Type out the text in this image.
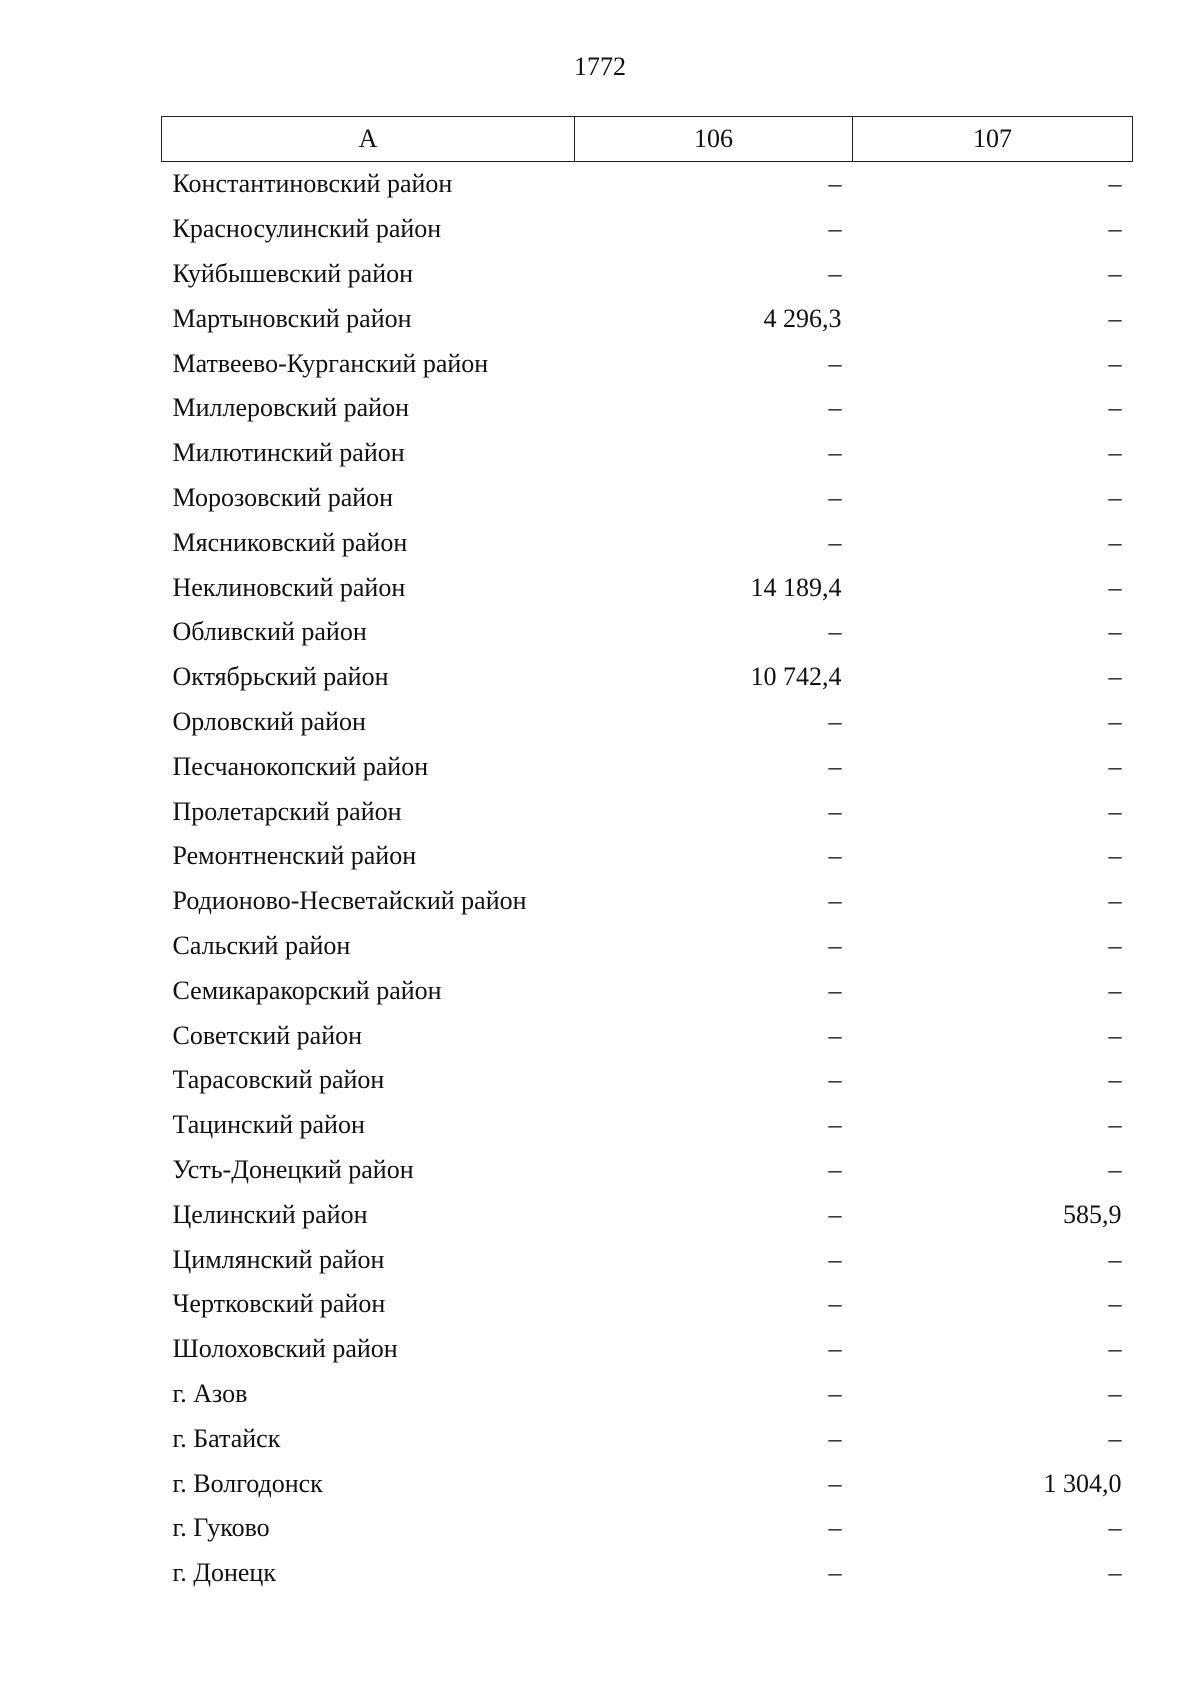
1772
А	106	107
Константиновский район	–	–
Красносулинский район	–	–
Куйбышевский район	–	–
Мартыновский район	4 296,3	–
Матвеево-Курганский район	–	–
Миллеровский район	–	–
Милютинский район	–	–
Морозовский район	–	–
Мясниковский район	–	–
Неклиновский район	14 189,4	–
Обливский район	–	–
Октябрьский район	10 742,4	–
Орловский район	–	–
Песчанокопский район	–	–
Пролетарский район	–	–
Ремонтненский район	–	–
Родионово-Несветайский район	–	–
Сальский район	–	–
Семикаракорский район	–	–
Советский район	–	–
Тарасовский район	–	–
Тацинский район	–	–
Усть-Донецкий район	–	–
Целинский район	–	585,9
Цимлянский район	–	–
Чертковский район	–	–
Шолоховский район	–	–
г. Азов	–	–
г. Батайск	–	–
г. Волгодонск	–	1 304,0
г. Гуково	–	–
г. Донецк	–	–
